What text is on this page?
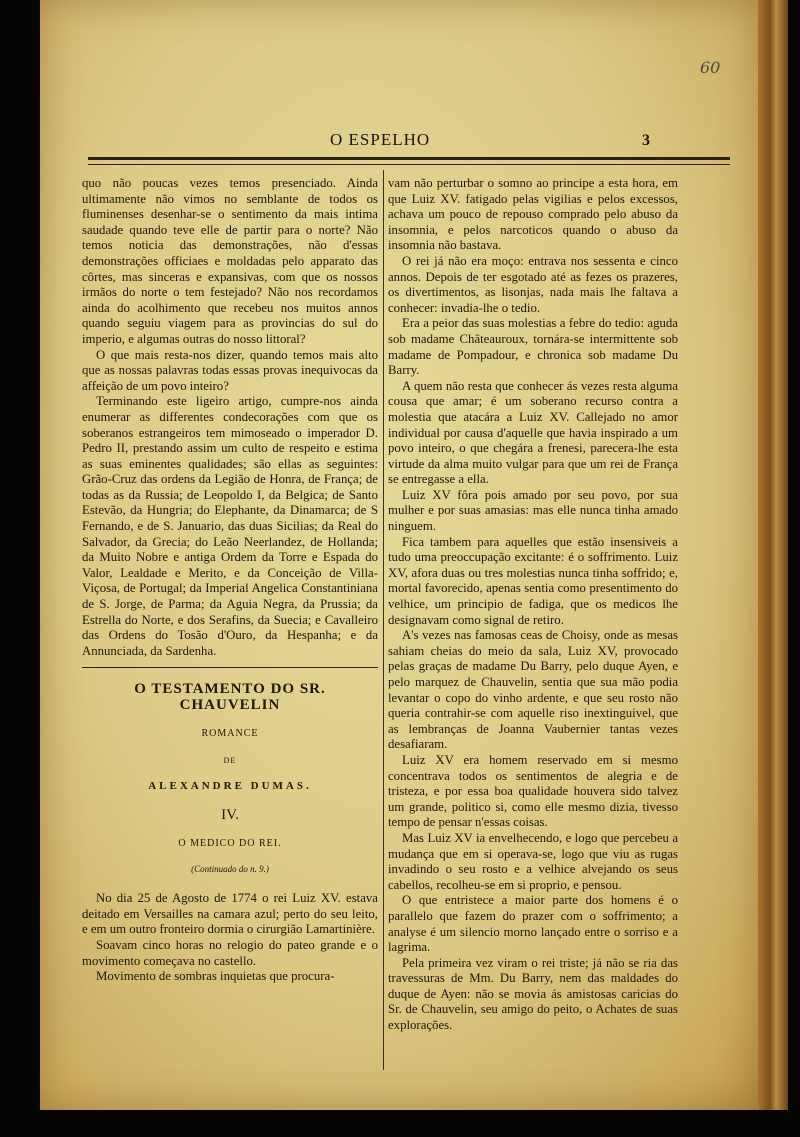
60
O ESPELHO	3

quo não poucas vezes temos presenciado. Ainda ultimamente não vimos no semblante de todos os fluminenses desenhar-se o sentimento da mais intima saudade quando teve elle de partir para o norte? Não temos noticia das demonstrações, não d'essas demonstrações officiaes e moldadas pelo apparato das côrtes, mas sinceras e expansivas, com que os nossos irmãos do norte o tem festejado? Não nos recordamos ainda do acolhimento que recebeu nos muitos annos quando seguiu viagem para as provincias do sul do imperio, e algumas outras do nosso littoral?

O que mais resta-nos dizer, quando temos mais alto que as nossas palavras todas essas provas inequivocas da affeição de um povo inteiro?

Terminando este ligeiro artigo, cumpre-nos ainda enumerar as differentes condecorações com que os soberanos estrangeiros tem mimoseado o imperador D. Pedro II, prestando assim um culto de respeito e estima as suas eminentes qualidades; são ellas as seguintes: Grão-Cruz das ordens da Legião de Honra, de França; de todas as da Russia; de Leopoldo I, da Belgica; de Santo Estevão, da Hungria; do Elephante, da Dinamarca; de S Fernando, e de S. Januario, das duas Sicilias; da Real do Salvador, da Grecia; do Leão Neerlandez, de Hollanda; da Muito Nobre e antiga Ordem da Torre e Espada do Valor, Lealdade e Merito, e da Conceição de Villa-Viçosa, de Portugal; da Imperial Angelica Constantiniana de S. Jorge, de Parma; da Aguia Negra, da Prussia; da Estrella do Norte, e dos Serafins, da Suecia; e Cavalleiro das Ordens do Tosão d'Ouro, da Hespanha; e da Annunciada, da Sardenha.

O TESTAMENTO DO SR. CHAUVELIN
ROMANCE
DE
ALEXANDRE DUMAS.
IV.
O MEDICO DO REI.
(Continuado do n. 9.)

No dia 25 de Agosto de 1774 o rei Luiz XV. estava deitado em Versailles na camara azul; perto do seu leito, e em um outro fronteiro dormia o cirurgião Lamartinière.

Soavam cinco horas no relogio do pateo grande e o movimento começava no castello.

Movimento de sombras inquietas que procura-

vam não perturbar o somno ao principe a esta hora, em que Luiz XV. fatigado pelas vigilias e pelos excessos, achava um pouco de repouso comprado pelo abuso da insomnia, e pelos narcoticos quando o abuso da insomnia não bastava.

O rei já não era moço: entrava nos sessenta e cinco annos. Depois de ter esgotado até as fezes os prazeres, os divertimentos, as lisonjas, nada mais lhe faltava a conhecer: invadia-lhe o tedio.

Era a peior das suas molestias a febre do tedio: aguda sob madame Châteauroux, tornára-se intermittente sob madame de Pompadour, e chronica sob madame Du Barry.

A quem não resta que conhecer ás vezes resta alguma cousa que amar; é um soberano recurso contra a molestia que atacára a Luiz XV. Callejado no amor individual por causa d'aquelle que havia inspirado a um povo inteiro, o que chegára a frenesi, parecera-lhe esta virtude da alma muito vulgar para que um rei de França se entregasse a ella.

Luiz XV fôra pois amado por seu povo, por sua mulher e por suas amasias: mas elle nunca tinha amado ninguem.

Fica tambem para aquelles que estão insensiveis a tudo uma preoccupação excitante: é o soffrimento. Luiz XV, afora duas ou tres molestias nunca tinha soffrido; e, mortal favorecido, apenas sentia como presentimento do velhice, um principio de fadiga, que os medicos lhe designavam como signal de retiro.

A's vezes nas famosas ceas de Choisy, onde as mesas sahiam cheias do meio da sala, Luiz XV, provocado pelas graças de madame Du Barry, pelo duque Ayen, e pelo marquez de Chauvelin, sentia que sua mão podia levantar o copo do vinho ardente, e que seu rosto não queria contrahir-se com aquelle riso inextinguivel, que as lembranças de Joanna Vaubernier tantas vezes desafiaram.

Luiz XV era homem reservado em si mesmo concentrava todos os sentimentos de alegria e de tristeza, e por essa boa qualidade houvera sido talvez um grande, politico si, como elle mesmo dizia, tivesso tempo de pensar n'essas coisas.

Mas Luiz XV ia envelhecendo, e logo que percebeu a mudança que em si operava-se, logo que viu as rugas invadindo o seu rosto e a velhice alvejando os seus cabellos, recolheu-se em si proprio, e pensou.

O que entristece a maior parte dos homens é o parallelo que fazem do prazer com o soffrimento; a analyse é um silencio morno lançado entre o sorriso e a lagrima.

Pela primeira vez viram o rei triste; já não se ria das travessuras de Mm. Du Barry, nem das maldades do duque de Ayen: não se movia ás amistosas caricias do Sr. de Chauvelin, seu amigo do peito, o Achates de suas explorações.
